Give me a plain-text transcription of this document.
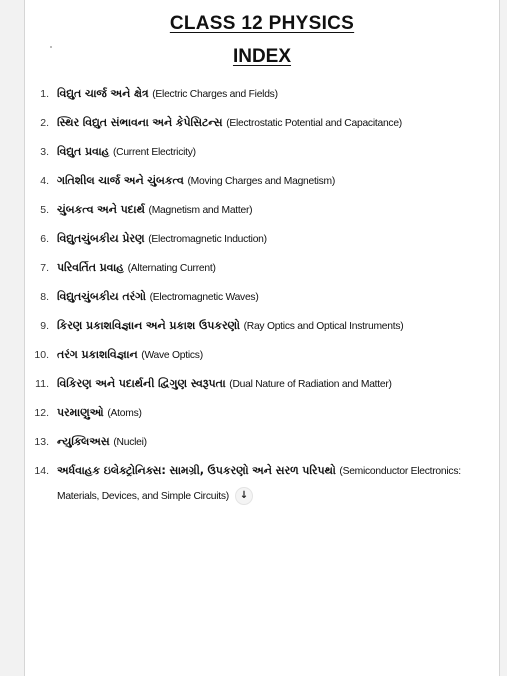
CLASS 12 PHYSICS
INDEX
1. વિદ્યુત ચાર્જ અને ક્ષેત્ર (Electric Charges and Fields)
2. સ્થિર વિદ્યુત સંભાવના અને કેપેસિટન્સ (Electrostatic Potential and Capacitance)
3. વિદ્યુત પ્રવાહ (Current Electricity)
4. ગતિશીલ ચાર્જ અને ચુંબકત્વ (Moving Charges and Magnetism)
5. ચુંબકત્વ અને પદાર્થ (Magnetism and Matter)
6. વિદ્યુતચુંબકીય પ્રેરણ (Electromagnetic Induction)
7. પરિવર્તિત પ્રવાહ (Alternating Current)
8. વિદ્યુતચુંબકીય તરંગો (Electromagnetic Waves)
9. કિરણ પ્રકાશવિજ્ઞાન અને પ્રકાશ ઉપકરણો (Ray Optics and Optical Instruments)
10. તરંગ પ્રકાશવિજ્ઞાન (Wave Optics)
11. વિકિરણ અને પદાર્થની દ્વિગુણ સ્વરૂપતા (Dual Nature of Radiation and Matter)
12. પરમાણુઓ (Atoms)
13. ન્યુક્લિઅસ (Nuclei)
14. અર્ધવાહક ઇલેક્ટ્રોનિક્સ: સામગ્રી, ઉપકરણો અને સરળ પરિપથો (Semiconductor Electronics: Materials, Devices, and Simple Circuits) ↓
